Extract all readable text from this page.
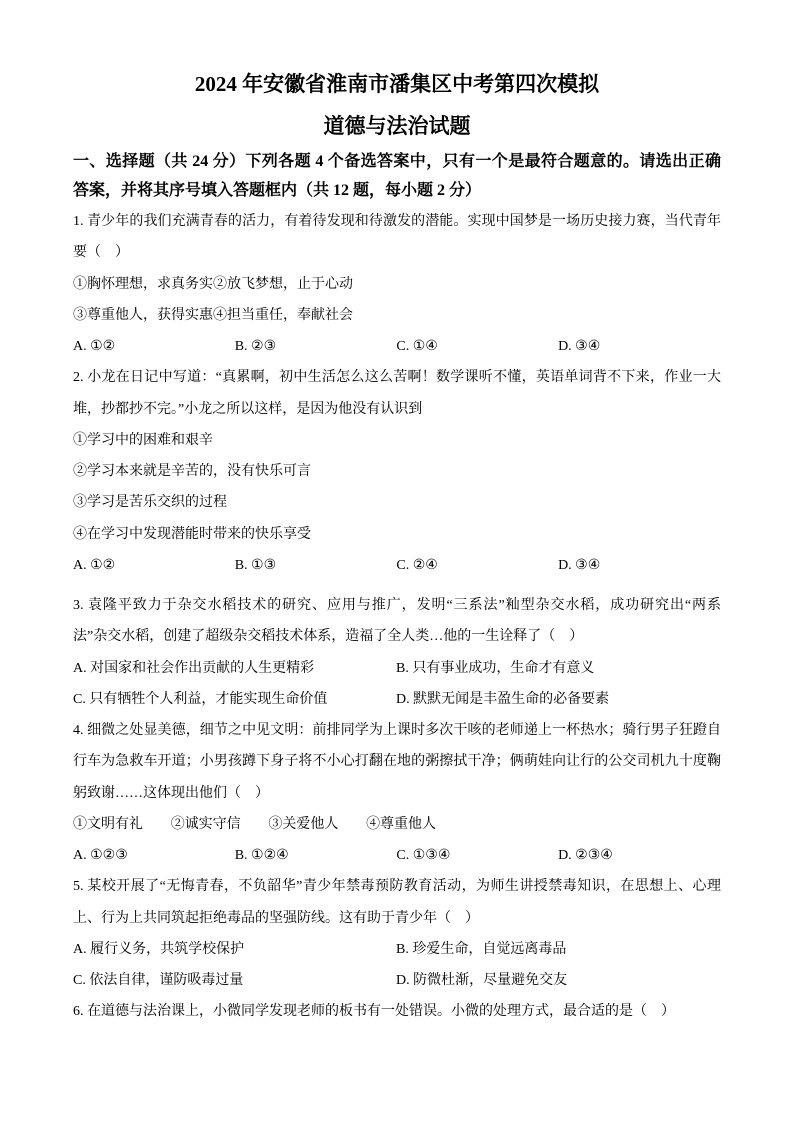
2024 年安徽省淮南市潘集区中考第四次模拟
道德与法治试题
一、选择题（共 24 分）下列各题 4 个备选答案中，只有一个是最符合题意的。请选出正确
答案，并将其序号填入答题框内（共 12 题，每小题 2 分）
1. 青少年的我们充满青春的活力，有着待发现和待激发的潜能。实现中国梦是一场历史接力赛，当代青年
要（    ）
①胸怀理想，求真务实②放飞梦想，止于心动
③尊重他人，获得实惠④担当重任，奉献社会
A. ①②	B. ②③	C. ①④	D. ③④
2. 小龙在日记中写道：“真累啊，初中生活怎么这么苦啊！数学课听不懂，英语单词背不下来，作业一大
堆，抄都抄不完。”小龙之所以这样，是因为他没有认识到
①学习中的困难和艰辛
②学习本来就是辛苦的，没有快乐可言
③学习是苦乐交织的过程
④在学习中发现潜能时带来的快乐享受
A. ①②	B. ①③	C. ②④	D. ③④
3. 袁隆平致力于杂交水稻技术的研究、应用与推广，发明“三系法”籼型杂交水稻，成功研究出“两系
法”杂交水稻，创建了超级杂交稻技术体系，造福了全人类…他的一生诠释了（    ）
A. 对国家和社会作出贡献的人生更精彩	B. 只有事业成功，生命才有意义
C. 只有牺牲个人利益，才能实现生命价值	D. 默默无闻是丰盈生命的必备要素
4. 细微之处显美德，细节之中见文明：前排同学为上课时多次干咳的老师递上一杯热水；骑行男子狂蹬自
行车为急救车开道；小男孩蹲下身子将不小心打翻在地的粥擦拭干净；俩萌娃向让行的公交司机九十度鞠
躬致谢……这体现出他们（    ）
①文明有礼	②诚实守信	③关爱他人	④尊重他人
A. ①②③	B. ①②④	C. ①③④	D. ②③④
5. 某校开展了“无悔青春，不负韶华”青少年禁毒预防教育活动，为师生讲授禁毒知识，在思想上、心理
上、行为上共同筑起拒绝毒品的坚强防线。这有助于青少年（    ）
A. 履行义务，共筑学校保护	B. 珍爱生命，自觉远离毒品
C. 依法自律，谨防吸毒过量	D. 防微杜渐，尽量避免交友
6. 在道德与法治课上，小微同学发现老师的板书有一处错误。小微的处理方式，最合适的是（    ）
